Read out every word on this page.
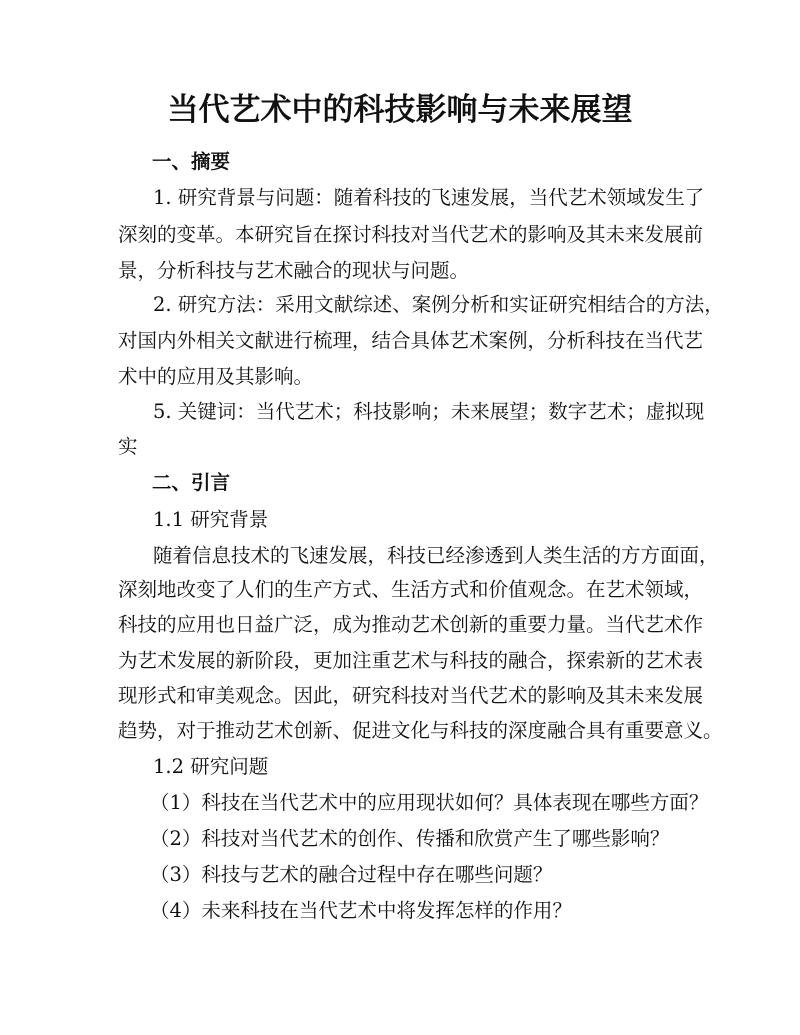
当代艺术中的科技影响与未来展望

一、摘要

1. 研究背景与问题：随着科技的飞速发展，当代艺术领域发生了

深刻的变革。本研究旨在探讨科技对当代艺术的影响及其未来发展前

景，分析科技与艺术融合的现状与问题。

2. 研究方法：采用文献综述、案例分析和实证研究相结合的方法，

对国内外相关文献进行梳理，结合具体艺术案例，分析科技在当代艺

术中的应用及其影响。

5. 关键词：当代艺术；科技影响；未来展望；数字艺术；虚拟现

实

二、引言

1.1 研究背景

随着信息技术的飞速发展，科技已经渗透到人类生活的方方面面，

深刻地改变了人们的生产方式、生活方式和价值观念。在艺术领域，

科技的应用也日益广泛，成为推动艺术创新的重要力量。当代艺术作

为艺术发展的新阶段，更加注重艺术与科技的融合，探索新的艺术表

现形式和审美观念。因此，研究科技对当代艺术的影响及其未来发展

趋势，对于推动艺术创新、促进文化与科技的深度融合具有重要意义。

1.2 研究问题

（1）科技在当代艺术中的应用现状如何？具体表现在哪些方面？

（2）科技对当代艺术的创作、传播和欣赏产生了哪些影响？

（3）科技与艺术的融合过程中存在哪些问题？

（4）未来科技在当代艺术中将发挥怎样的作用？
